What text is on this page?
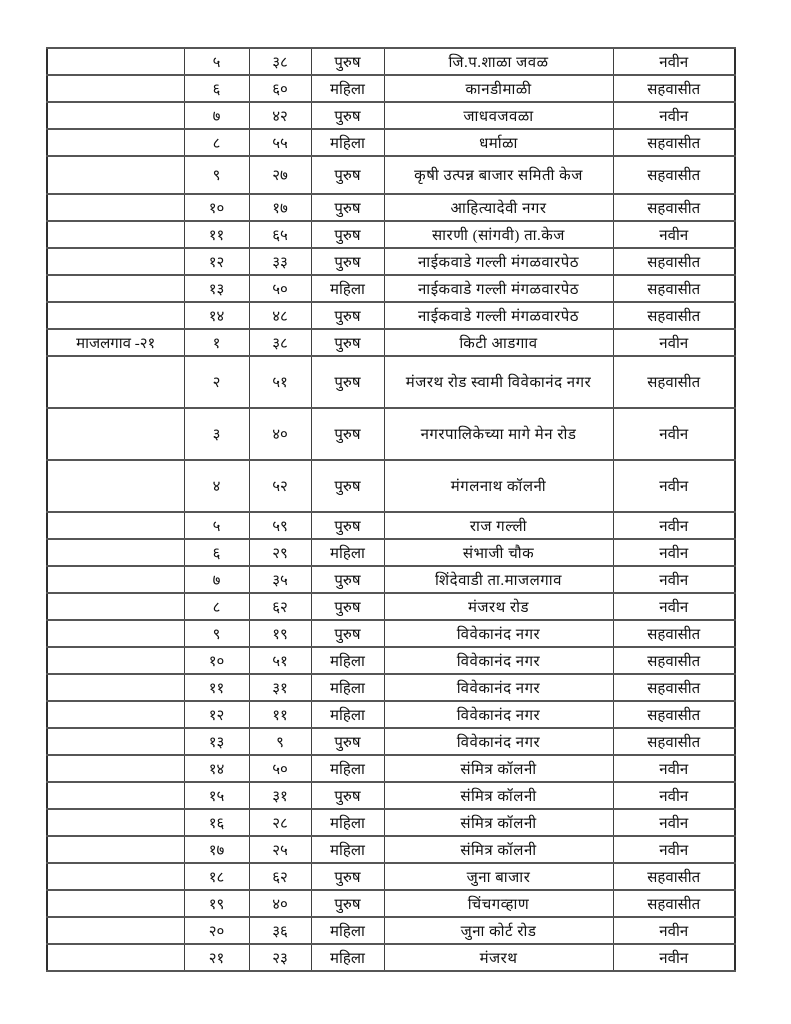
	५	३८	पुरुष	जि.प.शाळा जवळ	नवीन
	६	६०	महिला	कानडीमाळी	सहवासीत
	७	४२	पुरुष	जाधवजवळा	नवीन
	८	५५	महिला	धर्माळा	सहवासीत
	९	२७	पुरुष	कृषी उत्पन्न बाजार समिती केज	सहवासीत
	१०	१७	पुरुष	आहित्यादेवी नगर	सहवासीत
	११	६५	पुरुष	सारणी (सांगवी) ता.केज	नवीन
	१२	३३	पुरुष	नाईकवाडे गल्ली मंगळवारपेठ	सहवासीत
	१३	५०	महिला	नाईकवाडे गल्ली मंगळवारपेठ	सहवासीत
	१४	४८	पुरुष	नाईकवाडे गल्ली मंगळवारपेठ	सहवासीत
माजलगाव -२१	१	३८	पुरुष	किटी आडगाव	नवीन
	२	५१	पुरुष	मंजरथ रोड स्वामी विवेकानंद नगर	सहवासीत
	३	४०	पुरुष	नगरपालिकेच्या मागे मेन रोड	नवीन
	४	५२	पुरुष	मंगलनाथ कॉलनी	नवीन
	५	५९	पुरुष	राज गल्ली	नवीन
	६	२९	महिला	संभाजी चौक	नवीन
	७	३५	पुरुष	शिंदेवाडी ता.माजलगाव	नवीन
	८	६२	पुरुष	मंजरथ रोड	नवीन
	९	१९	पुरुष	विवेकानंद नगर	सहवासीत
	१०	५१	महिला	विवेकानंद नगर	सहवासीत
	११	३१	महिला	विवेकानंद नगर	सहवासीत
	१२	११	महिला	विवेकानंद नगर	सहवासीत
	१३	९	पुरुष	विवेकानंद नगर	सहवासीत
	१४	५०	महिला	संमित्र कॉलनी	नवीन
	१५	३१	पुरुष	संमित्र कॉलनी	नवीन
	१६	२८	महिला	संमित्र कॉलनी	नवीन
	१७	२५	महिला	संमित्र कॉलनी	नवीन
	१८	६२	पुरुष	जुना बाजार	सहवासीत
	१९	४०	पुरुष	चिंचगव्हाण	सहवासीत
	२०	३६	महिला	जुना कोर्ट रोड	नवीन
	२१	२३	महिला	मंजरथ	नवीन
